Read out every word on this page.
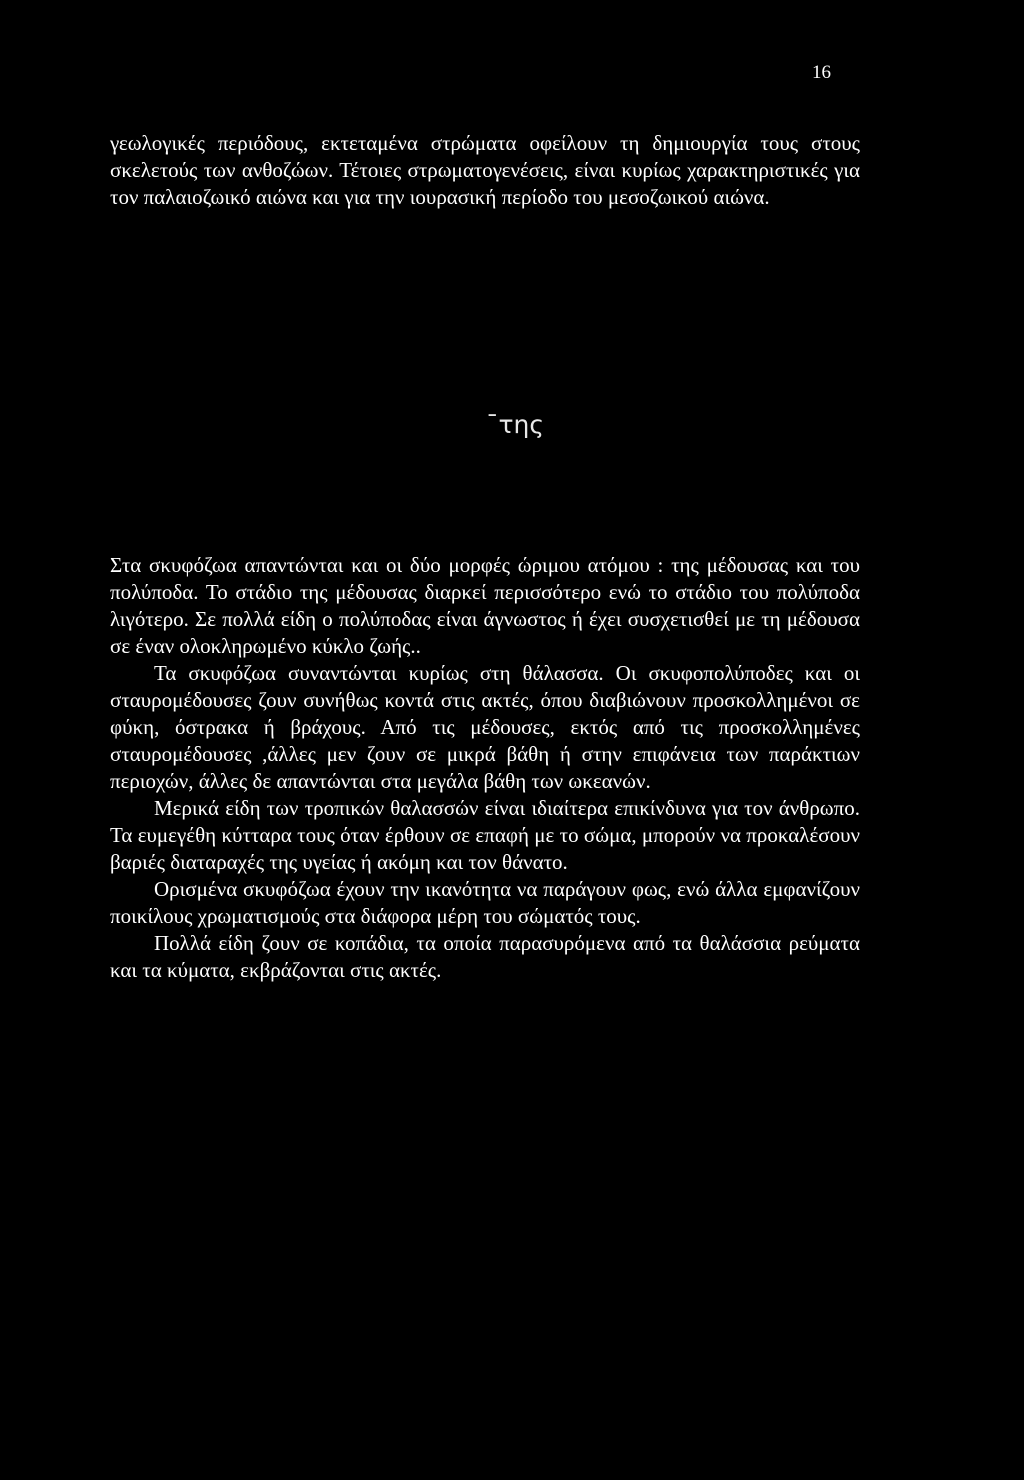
16

γεωλογικές περιόδους, εκτεταμένα στρώματα οφείλουν τη δημιουργία τους στους σκελετούς των ανθοζώων. Τέτοιες στρωματογενέσεις, είναι κυρίως χαρακτηριστικές για τον παλαιοζωικό αιώνα και για την ιουρασική περίοδο του μεσοζωικού αιώνα.

¯της

Στα σκυφόζωα απαντώνται και οι δύο μορφές ώριμου ατόμου : της μέδουσας και του πολύποδα. Το στάδιο της μέδουσας διαρκεί περισσότερο ενώ το στάδιο του πολύποδα λιγότερο. Σε πολλά είδη ο πολύποδας είναι άγνωστος ή έχει συσχετισθεί με τη μέδουσα σε έναν ολοκληρωμένο κύκλο ζωής..

Τα σκυφόζωα συναντώνται κυρίως στη θάλασσα. Οι σκυφοπολύποδες και οι σταυρομέδουσες ζουν συνήθως κοντά στις ακτές, όπου διαβιώνουν προσκολλημένοι σε φύκη, όστρακα ή βράχους. Από τις μέδουσες, εκτός από τις προσκολλημένες σταυρομέδουσες ,άλλες μεν ζουν σε μικρά βάθη ή στην επιφάνεια των παράκτιων περιοχών, άλλες δε απαντώνται στα μεγάλα βάθη των ωκεανών.

Μερικά είδη των τροπικών θαλασσών είναι ιδιαίτερα επικίνδυνα για τον άνθρωπο. Τα ευμεγέθη κύτταρα τους όταν έρθουν σε επαφή με το σώμα, μπορούν να προκαλέσουν βαριές διαταραχές της υγείας ή ακόμη και τον θάνατο.

Ορισμένα σκυφόζωα έχουν την ικανότητα να παράγουν φως, ενώ άλλα εμφανίζουν ποικίλους χρωματισμούς στα διάφορα μέρη του σώματός τους.

Πολλά είδη ζουν σε κοπάδια, τα οποία παρασυρόμενα από τα θαλάσσια ρεύματα και τα κύματα, εκβράζονται στις ακτές.
